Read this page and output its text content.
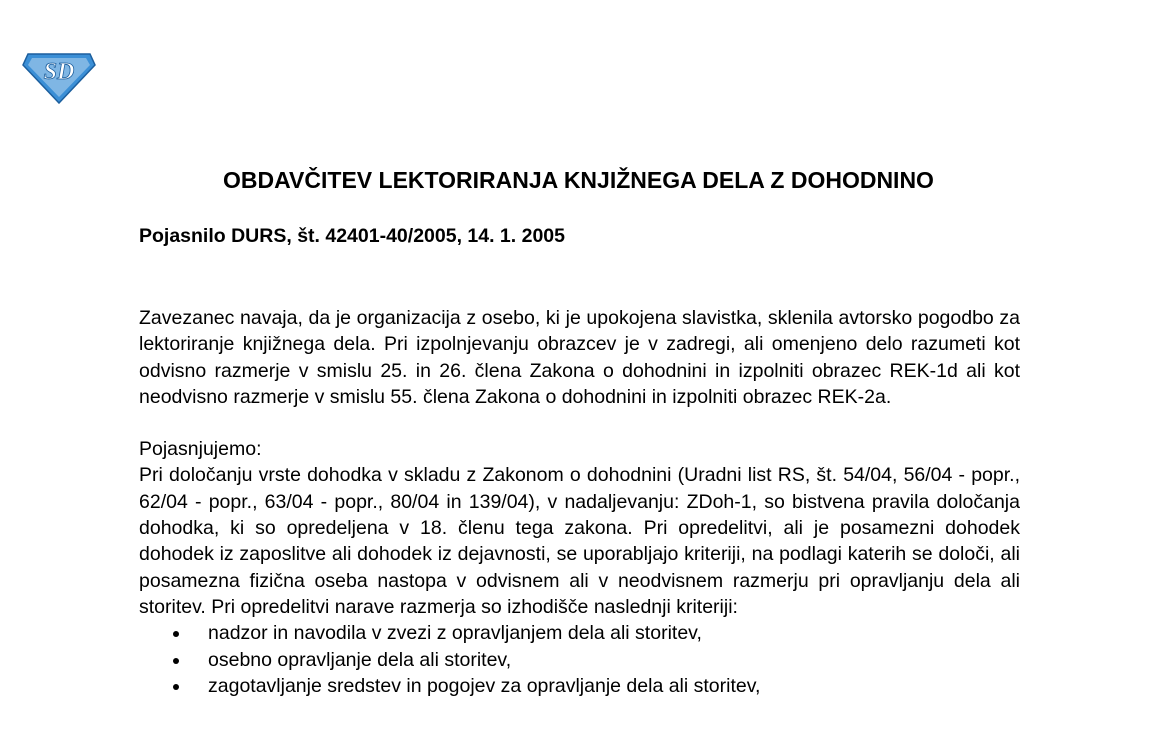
SD
OBDAVČITEV LEKTORIRANJA KNJIŽNEGA DELA Z DOHODNINO
Pojasnilo DURS, št. 42401-40/2005, 14. 1. 2005

Zavezanec navaja, da je organizacija z osebo, ki je upokojena slavistka, sklenila avtorsko pogodbo za lektoriranje knjižnega dela. Pri izpolnjevanju obrazcev je v zadregi, ali omenjeno delo razumeti kot odvisno razmerje v smislu 25. in 26. člena Zakona o dohodnini in izpolniti obrazec REK-1d ali kot neodvisno razmerje v smislu 55. člena Zakona o dohodnini in izpolniti obrazec REK-2a.

Pojasnjujemo:

Pri določanju vrste dohodka v skladu z Zakonom o dohodnini (Uradni list RS, št. 54/04, 56/04 - popr., 62/04 - popr., 63/04 - popr., 80/04 in 139/04), v nadaljevanju: ZDoh-1, so bistvena pravila določanja dohodka, ki so opredeljena v 18. členu tega zakona. Pri opredelitvi, ali je posamezni dohodek dohodek iz zaposlitve ali dohodek iz dejavnosti, se uporabljajo kriteriji, na podlagi katerih se določi, ali posamezna fizična oseba nastopa v odvisnem ali v neodvisnem razmerju pri opravljanju dela ali storitev. Pri opredelitvi narave razmerja so izhodišče naslednji kriteriji:

nadzor in navodila v zvezi z opravljanjem dela ali storitev,
osebno opravljanje dela ali storitev,
zagotavljanje sredstev in pogojev za opravljanje dela ali storitev,
